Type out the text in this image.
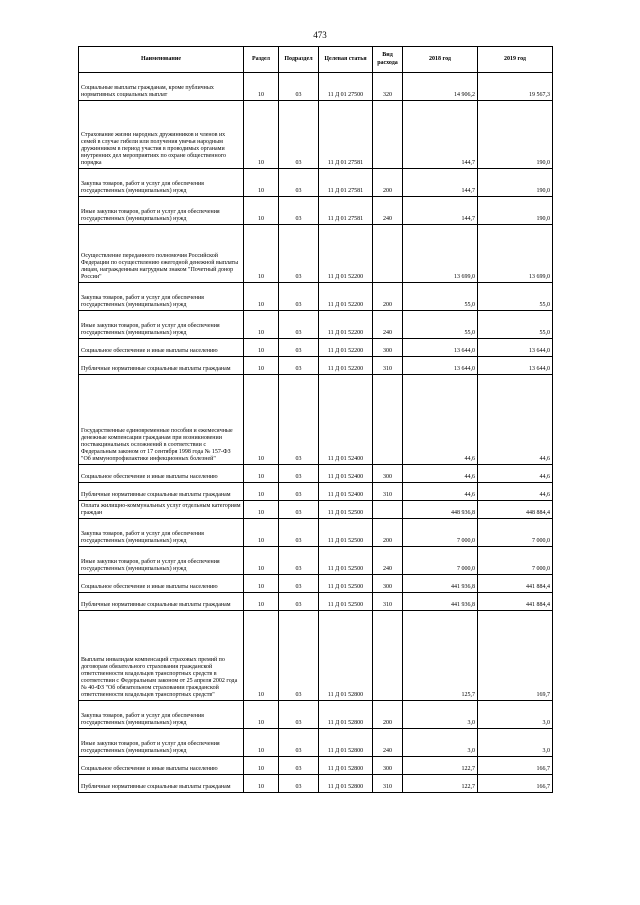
473
Наименование	Раздел	Подраздел	Целевая статья	Вид расхода	2018 год	2019 год
Социальные выплаты гражданам, кроме публичных нормативных социальных выплат	10	03	11 Д 01 27500	320	14 906,2	19 567,3
Страхование жизни народных дружинников и членов их семей в случае гибели или получения увечья народным дружинником в период участия в проводимых органами внутренних дел мероприятиях по охране общественного порядка	10	03	11 Д 01 27581		144,7	190,0
Закупка товаров, работ и услуг для обеспечения государственных (муниципальных) нужд	10	03	11 Д 01 27581	200	144,7	190,0
Иные закупки товаров, работ и услуг для обеспечения государственных (муниципальных) нужд	10	03	11 Д 01 27581	240	144,7	190,0
Осуществление переданного полномочия Российской Федерации по осуществлению ежегодной денежной выплаты лицам, награжденным нагрудным знаком "Почетный донор России"	10	03	11 Д 01 52200		13 699,0	13 699,0
Закупка товаров, работ и услуг для обеспечения государственных (муниципальных) нужд	10	03	11 Д 01 52200	200	55,0	55,0
Иные закупки товаров, работ и услуг для обеспечения государственных (муниципальных) нужд	10	03	11 Д 01 52200	240	55,0	55,0
Социальное обеспечение и иные выплаты населению	10	03	11 Д 01 52200	300	13 644,0	13 644,0
Публичные нормативные социальные выплаты гражданам	10	03	11 Д 01 52200	310	13 644,0	13 644,0
Государственные единовременные пособия и ежемесячные денежные компенсации гражданам при возникновении поствакцинальных осложнений в соответствии с Федеральным законом от 17 сентября 1998 года № 157-ФЗ "Об иммунопрофилактике инфекционных болезней"	10	03	11 Д 01 52400		44,6	44,6
Социальное обеспечение и иные выплаты населению	10	03	11 Д 01 52400	300	44,6	44,6
Публичные нормативные социальные выплаты гражданам	10	03	11 Д 01 52400	310	44,6	44,6
Оплата жилищно-коммунальных услуг отдельным категориям граждан	10	03	11 Д 01 52500		448 936,8	448 884,4
Закупка товаров, работ и услуг для обеспечения государственных (муниципальных) нужд	10	03	11 Д 01 52500	200	7 000,0	7 000,0
Иные закупки товаров, работ и услуг для обеспечения государственных (муниципальных) нужд	10	03	11 Д 01 52500	240	7 000,0	7 000,0
Социальное обеспечение и иные выплаты населению	10	03	11 Д 01 52500	300	441 936,8	441 884,4
Публичные нормативные социальные выплаты гражданам	10	03	11 Д 01 52500	310	441 936,8	441 884,4
Выплаты инвалидам компенсаций страховых премий по договорам обязательного страхования гражданской ответственности владельцев транспортных средств в соответствии с Федеральным законом от 25 апреля 2002 года № 40-ФЗ "Об обязательном страховании гражданской ответственности владельцев транспортных средств"	10	03	11 Д 01 52800		125,7	169,7
Закупка товаров, работ и услуг для обеспечения государственных (муниципальных) нужд	10	03	11 Д 01 52800	200	3,0	3,0
Иные закупки товаров, работ и услуг для обеспечения государственных (муниципальных) нужд	10	03	11 Д 01 52800	240	3,0	3,0
Социальное обеспечение и иные выплаты населению	10	03	11 Д 01 52800	300	122,7	166,7
Публичные нормативные социальные выплаты гражданам	10	03	11 Д 01 52800	310	122,7	166,7
